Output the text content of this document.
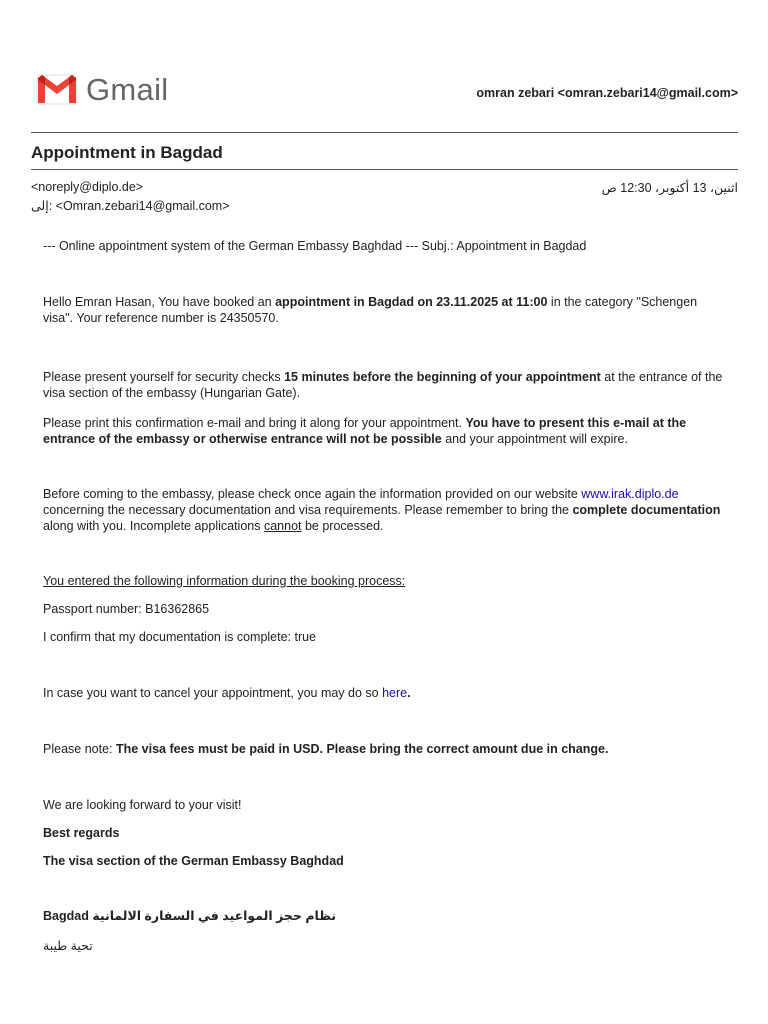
Gmail	omran zebari <omran.zebari14@gmail.com>
Appointment in Bagdad
<noreply@diplo.de>	اثنين، 13 أكتوبر، 12:30 ص
إلى: <Omran.zebari14@gmail.com>

--- Online appointment system of the German Embassy Baghdad --- Subj.: Appointment in Bagdad

Hello Emran Hasan, You have booked an appointment in Bagdad on 23.11.2025 at 11:00 in the category "Schengen visa". Your reference number is 24350570.

Please present yourself for security checks 15 minutes before the beginning of your appointment at the entrance of the visa section of the embassy (Hungarian Gate).

Please print this confirmation e-mail and bring it along for your appointment. You have to present this e-mail at the entrance of the embassy or otherwise entrance will not be possible and your appointment will expire.

Before coming to the embassy, please check once again the information provided on our website www.irak.diplo.de concerning the necessary documentation and visa requirements. Please remember to bring the complete documentation along with you. Incomplete applications cannot be processed.

You entered the following information during the booking process:

Passport number: B16362865

I confirm that my documentation is complete: true

In case you want to cancel your appointment, you may do so here.

Please note: The visa fees must be paid in USD. Please bring the correct amount due in change.

We are looking forward to your visit!

Best regards

The visa section of the German Embassy Baghdad

Bagdad نظام حجز المواعيد في السفارة الالمانية

تحية طيبة
